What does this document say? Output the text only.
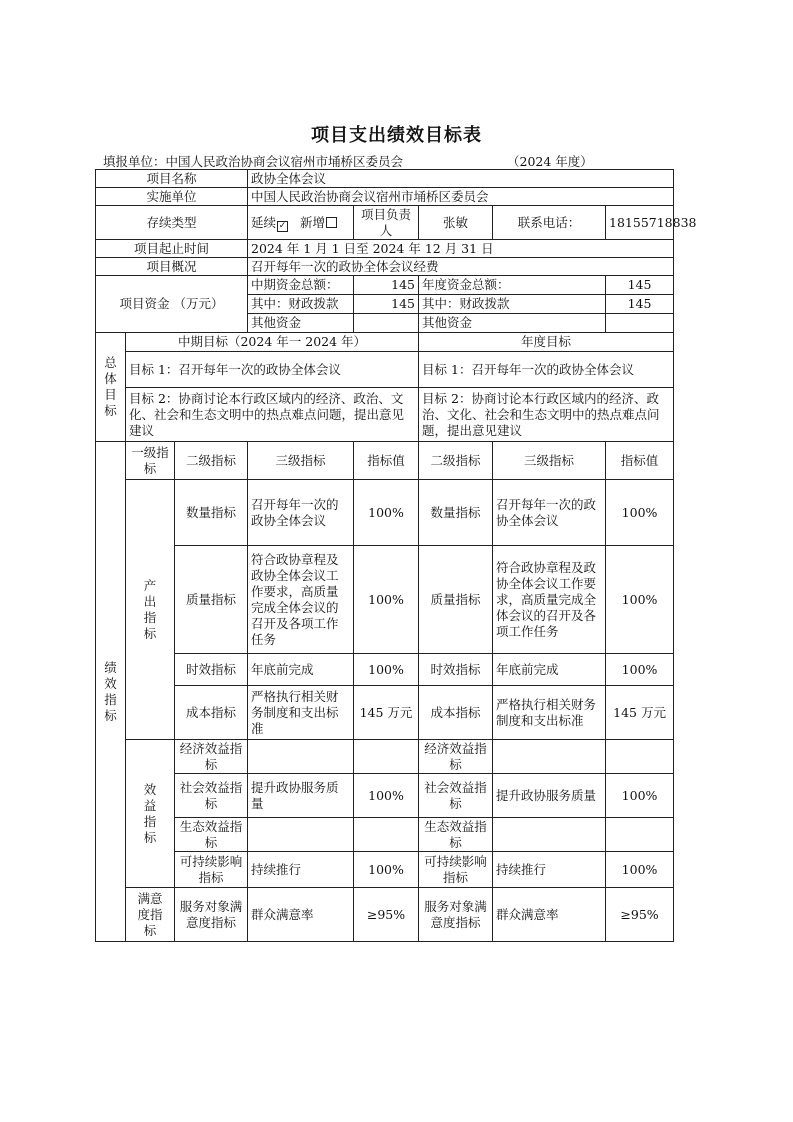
项目支出绩效目标表
填报单位：中国人民政治协商会议宿州市埇桥区委员会	（2024 年度）
项目名称			政协全体会议				
实施单位			中国人民政治协商会议宿州市埇桥区委员会				
存续类型			延续 ✓ 新增	项目负责人	张敏	联系电话：	18155718838
项目起止时间			2024 年 1 月 1 日至 2024 年 12 月 31 日				
项目概况			召开每年一次的政协全体会议经费				
项目资金 （万元）			中期资金总额：	145	年度资金总额：		145
			其中：财政拨款	145	其中：财政拨款		145
			其他资金		其他资金		
总体目标	中期目标（2024 年一 2024 年）				年度目标		
	目标 1：召开每年一次的政协全体会议				目标 1：召开每年一次的政协全体会议		
	目标 2：协商讨论本行政区域内的经济、政治、文化、社会和生态文明中的热点难点问题，提出意见建议				目标 2：协商讨论本行政区域内的经济、政治、文化、社会和生态文明中的热点难点问题，提出意见建议		
绩效指标	一级指标	二级指标	三级指标	指标值	二级指标	三级指标	指标值
	产出指标	数量指标	召开每年一次的政协全体会议	100%	数量指标	召开每年一次的政协全体会议	100%
		质量指标	符合政协章程及政协全体会议工作要求，高质量完成全体会议的召开及各项工作任务	100%	质量指标	符合政协章程及政协全体会议工作要求，高质量完成全体会议的召开及各项工作任务	100%
		时效指标	年底前完成	100%	时效指标	年底前完成	100%
		成本指标	严格执行相关财务制度和支出标准	145 万元	成本指标	严格执行相关财务制度和支出标准	145 万元
	效益指标	经济效益指标			经济效益指标		
		社会效益指标	提升政协服务质量	100%	社会效益指标	提升政协服务质量	100%
		生态效益指标			生态效益指标		
		可持续影响 指标	持续推行	100%	可持续影响 指标	持续推行	100%
	满意度指标	服务对象满意度指标	群众满意率	≥95%	服务对象满意度指标	群众满意率	≥95%
